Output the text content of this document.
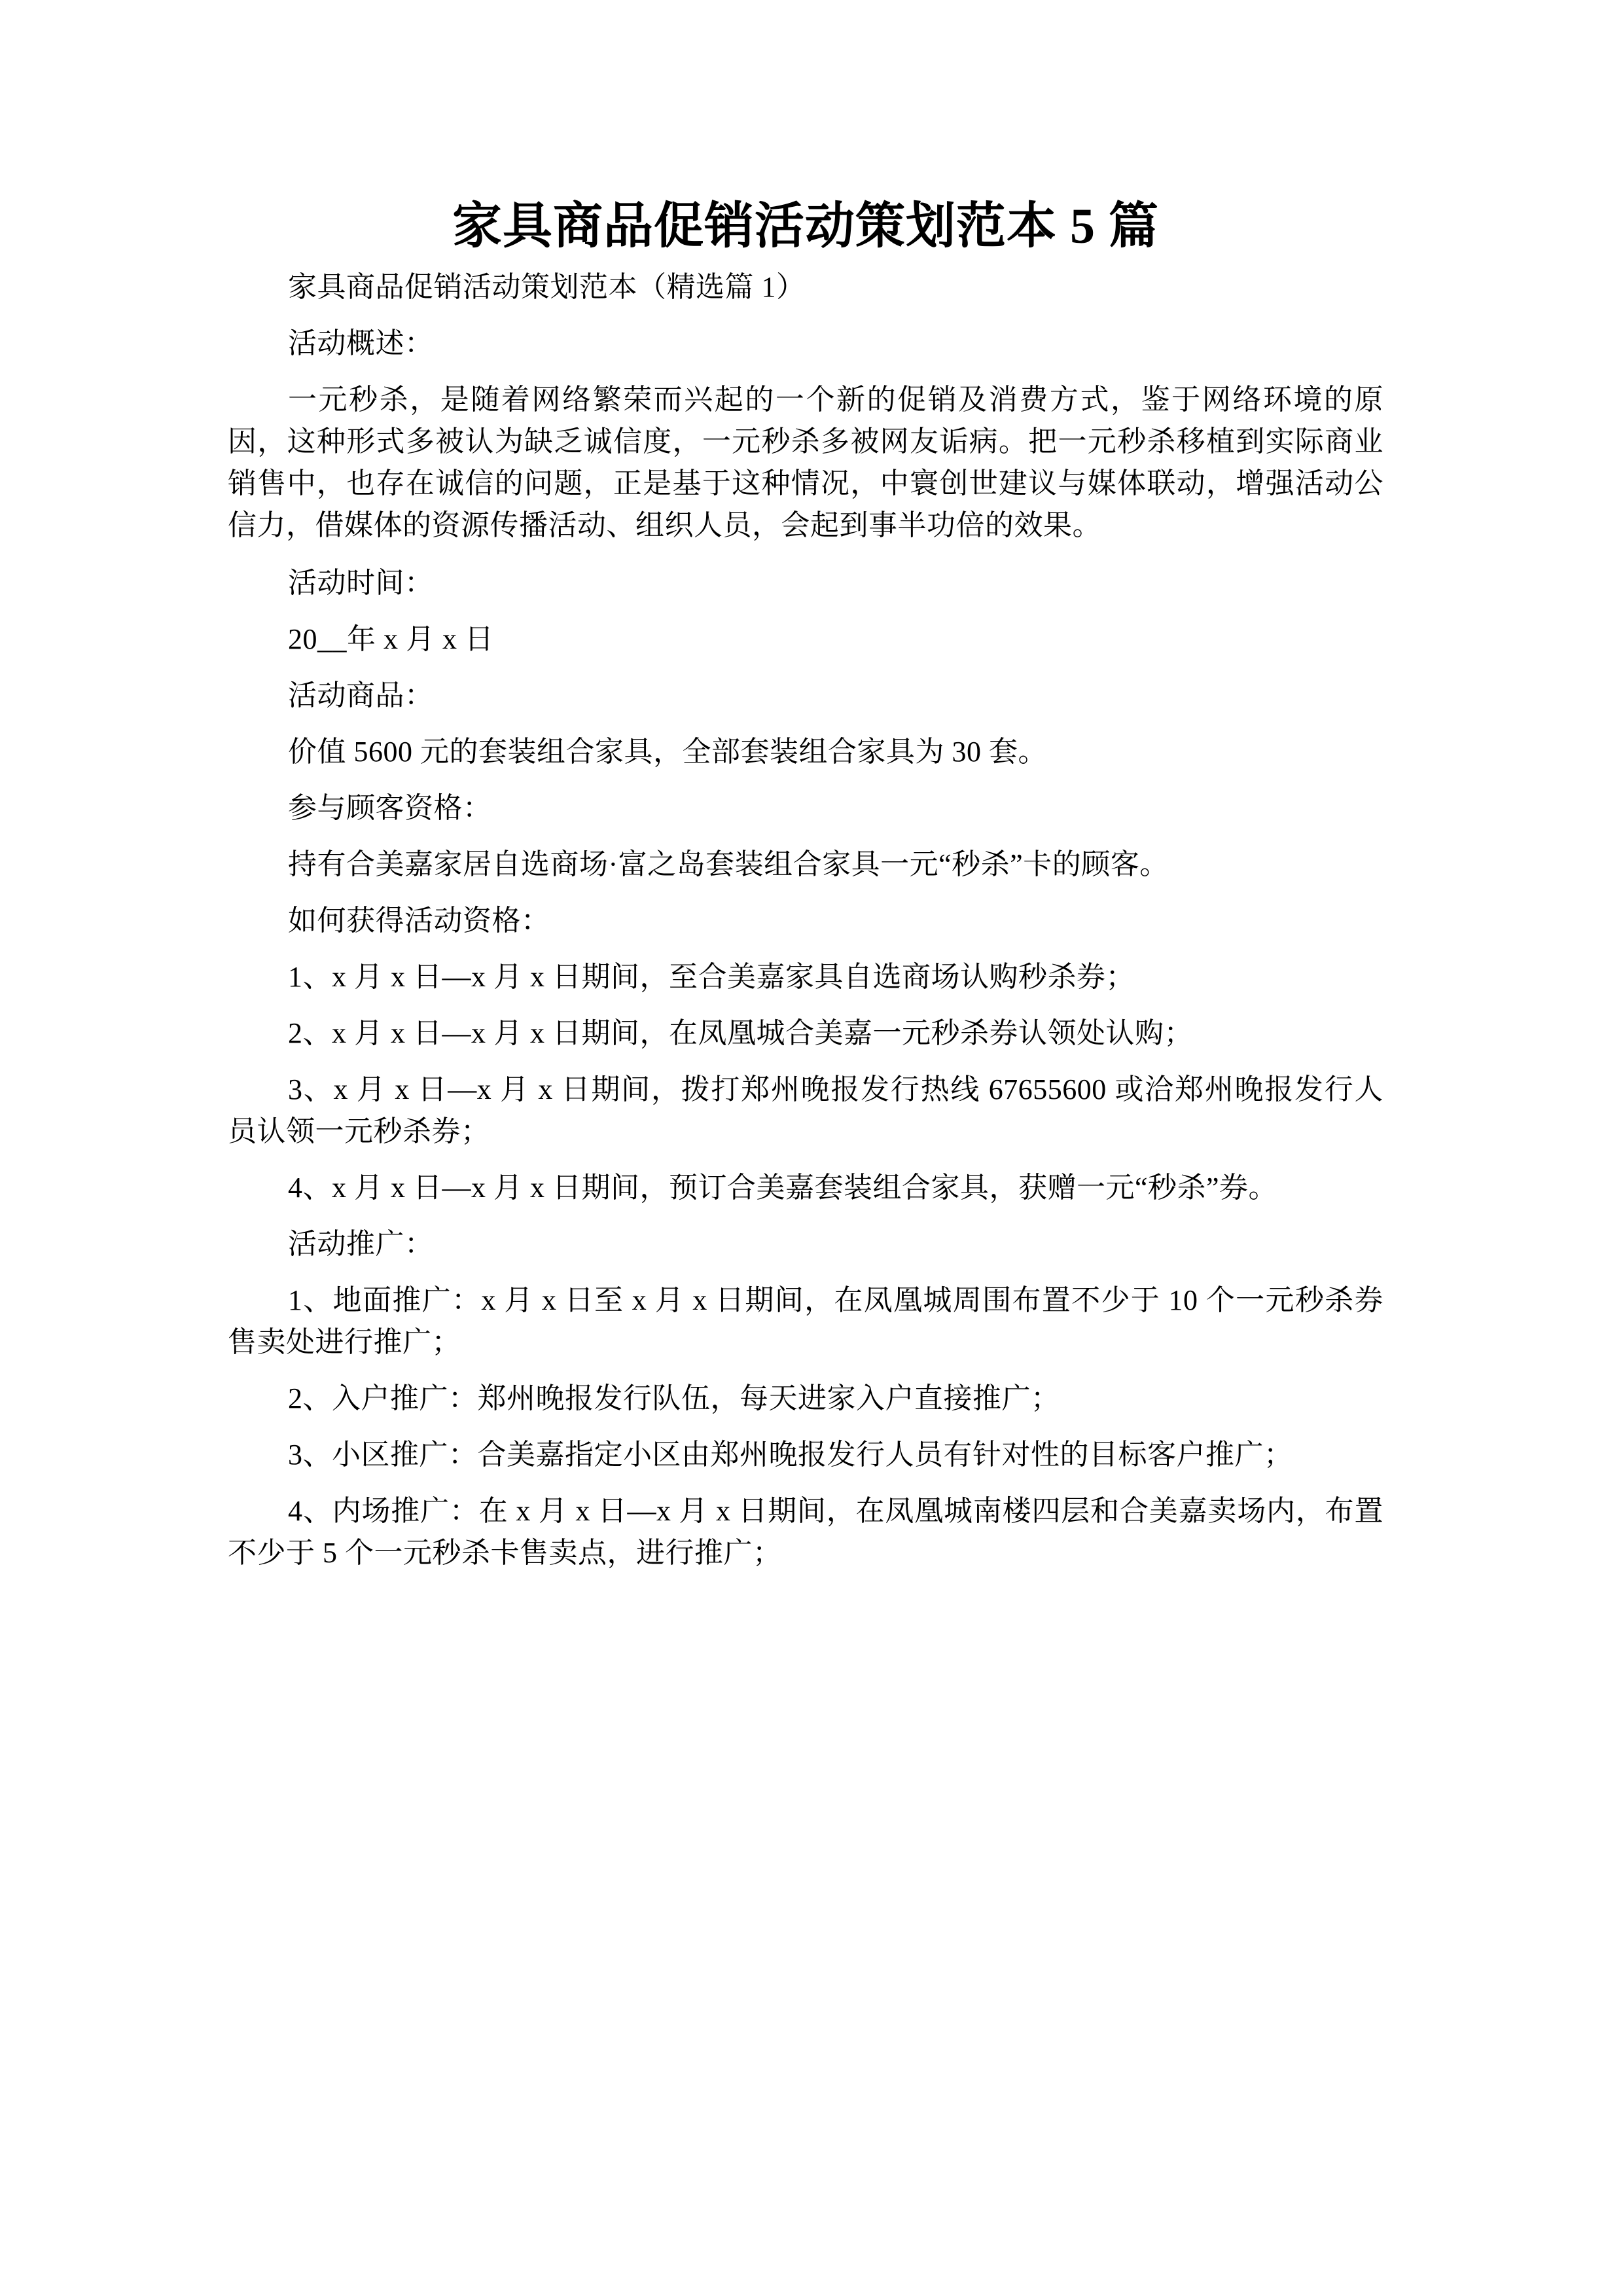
家具商品促销活动策划范本 5 篇

家具商品促销活动策划范本（精选篇 1）

活动概述：

一元秒杀，是随着网络繁荣而兴起的一个新的促销及消费方式，鉴于网络环境的原因，这种形式多被认为缺乏诚信度，一元秒杀多被网友诟病。把一元秒杀移植到实际商业销售中，也存在诚信的问题，正是基于这种情况，中寰创世建议与媒体联动，增强活动公信力，借媒体的资源传播活动、组织人员，会起到事半功倍的效果。

活动时间：

20__年 x 月 x 日

活动商品：

价值 5600 元的套装组合家具，全部套装组合家具为 30 套。

参与顾客资格：

持有合美嘉家居自选商场·富之岛套装组合家具一元“秒杀”卡的顾客。

如何获得活动资格：

1、x 月 x 日—x 月 x 日期间，至合美嘉家具自选商场认购秒杀券；

2、x 月 x 日—x 月 x 日期间，在凤凰城合美嘉一元秒杀券认领处认购；

3、x 月 x 日—x 月 x 日期间，拨打郑州晚报发行热线 67655600 或洽郑州晚报发行人员认领一元秒杀券；

4、x 月 x 日—x 月 x 日期间，预订合美嘉套装组合家具，获赠一元“秒杀”券。

活动推广：

1、地面推广：x 月 x 日至 x 月 x 日期间，在凤凰城周围布置不少于 10 个一元秒杀券售卖处进行推广；

2、入户推广：郑州晚报发行队伍，每天进家入户直接推广；

3、小区推广：合美嘉指定小区由郑州晚报发行人员有针对性的目标客户推广；

4、内场推广：在 x 月 x 日—x 月 x 日期间，在凤凰城南楼四层和合美嘉卖场内，布置不少于 5 个一元秒杀卡售卖点，进行推广；
